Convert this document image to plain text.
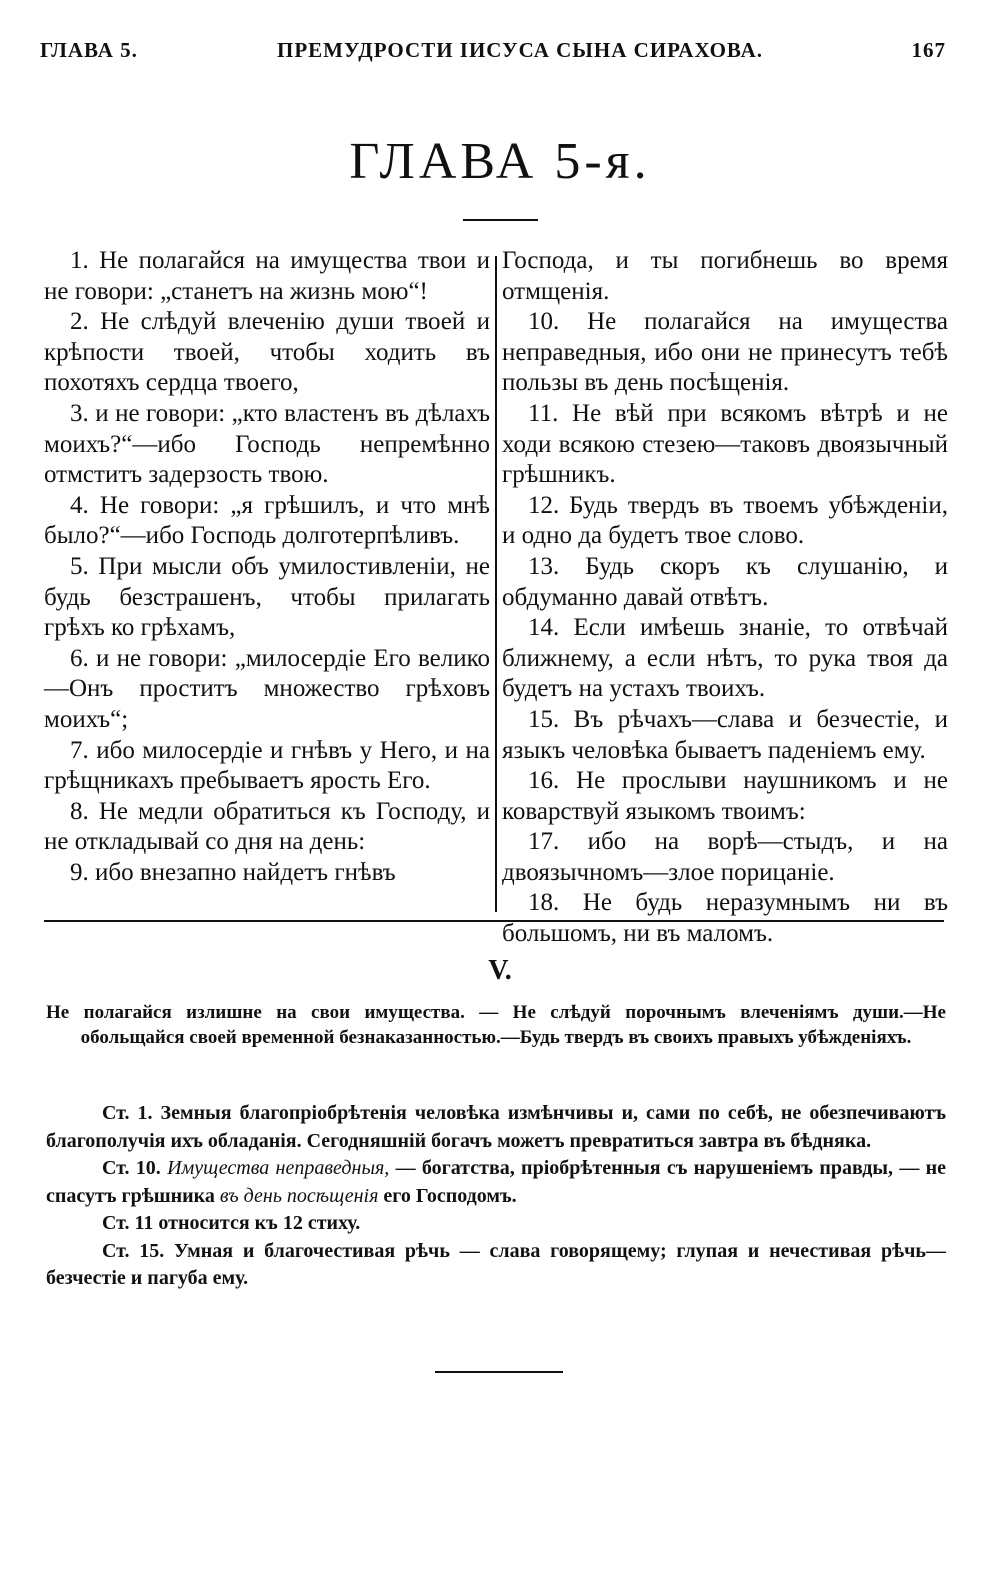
ГЛАВА 5.	ПРЕМУДРОСТИ IИСУСА СЫНА СИРАХОВА.	167
ГЛАВА 5-я.

1. Не полагайся на имущества твои и не говори: „станетъ на жизнь мою“!

2. Не слѣдуй влеченiю души твоей и крѣпости твоей, чтобы ходить въ похотяхъ сердца твоего,

3. и не говори: „кто властенъ въ дѣлахъ моихъ?“—ибо Господь непремѣнно отмститъ задерзость твою.

4. Не говори: „я грѣшилъ, и что мнѣ было?“—ибо Господь долготерпѣливъ.

5. При мысли объ умилостивленiи, не будь безстрашенъ, чтобы прилагать грѣхъ ко грѣхамъ,

6. и не говори: „милосердiе Его велико—Онъ проститъ множество грѣховъ моихъ“;

7. ибо милосердiе и гнѣвъ у Него, и на грѣщникахъ пребываетъ ярость Его.

8. Не медли обратиться къ Господу, и не откладывай со дня на день:

9. ибо внезапно найдетъ гнѣвъ

Господа, и ты погибнешь во время отмщенiя.

10. Не полагайся на имущества неправедныя, ибо они не принесутъ тебѣ пользы въ день посѣщенiя.

11. Не вѣй при всякомъ вѣтрѣ и не ходи всякою стезею—таковъ двоязычный грѣшникъ.

12. Будь твердъ въ твоемъ убѣжденiи, и одно да будетъ твое слово.

13. Будь скоръ къ слушанiю, и обдуманно давай отвѣтъ.

14. Если имѣешь знанiе, то отвѣчай ближнему, а если нѣтъ, то рука твоя да будетъ на устахъ твоихъ.

15. Въ рѣчахъ—слава и безчестiе, и языкъ человѣка бываетъ паденiемъ ему.

16. Не прослыви наушникомъ и не коварствуй языкомъ твоимъ:

17. ибо на ворѣ—стыдъ, и на двоязычномъ—злое порицанiе.

18. Не будь неразумнымъ ни въ большомъ, ни въ маломъ.

V.
Не полагайся излишне на свои имущества. — Не слѣдуй порочнымъ влеченiямъ души.—Не обольщайся своей временной безнаказанностью.—Будь твердъ въ своихъ правыхъ убѣжденiяхъ.

Ст. 1. Земныя благопрiобрѣтенiя человѣка измѣнчивы и, сами по себѣ, не обезпечиваютъ благополучiя ихъ обладанiя. Сегодняшнiй богачъ можетъ превратиться завтра въ бѣдняка.

Ст. 10. Имущества неправедныя, — богатства, прiобрѣтенныя съ нарушенiемъ правды, — не спасутъ грѣшника въ день посѣщенiя его Господомъ.

Ст. 11 относится къ 12 стиху.

Ст. 15. Умная и благочестивая рѣчь — слава говорящему; глупая и нечестивая рѣчь—безчестiе и пагуба ему.
